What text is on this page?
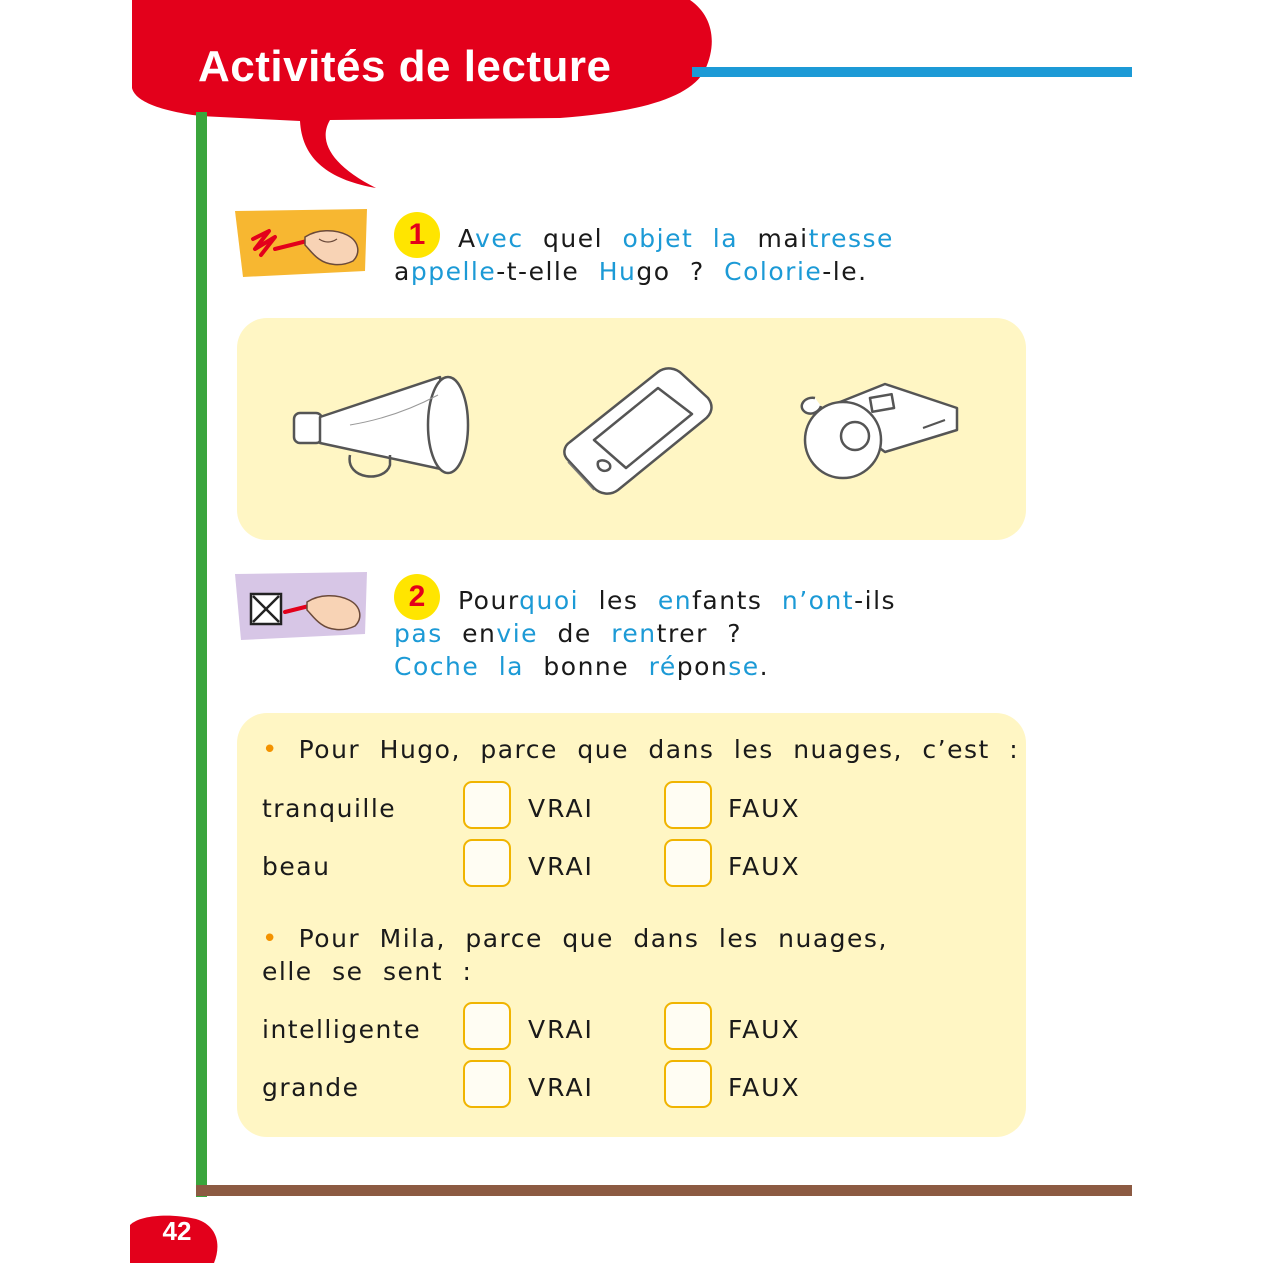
Activités de lecture
1	Avec quel objet la maitresse
appelle-t-elle Hugo ? Colorie-le.
2	Pourquoi les enfants n’ont-ils
pas envie de rentrer ?
Coche la bonne réponse.
• Pour Hugo, parce que dans les nuages, c’est :
tranquille	VRAI	FAUX
beau	VRAI	FAUX
• Pour Mila, parce que dans les nuages,
elle se sent :
intelligente	VRAI	FAUX
grande	VRAI	FAUX
42
